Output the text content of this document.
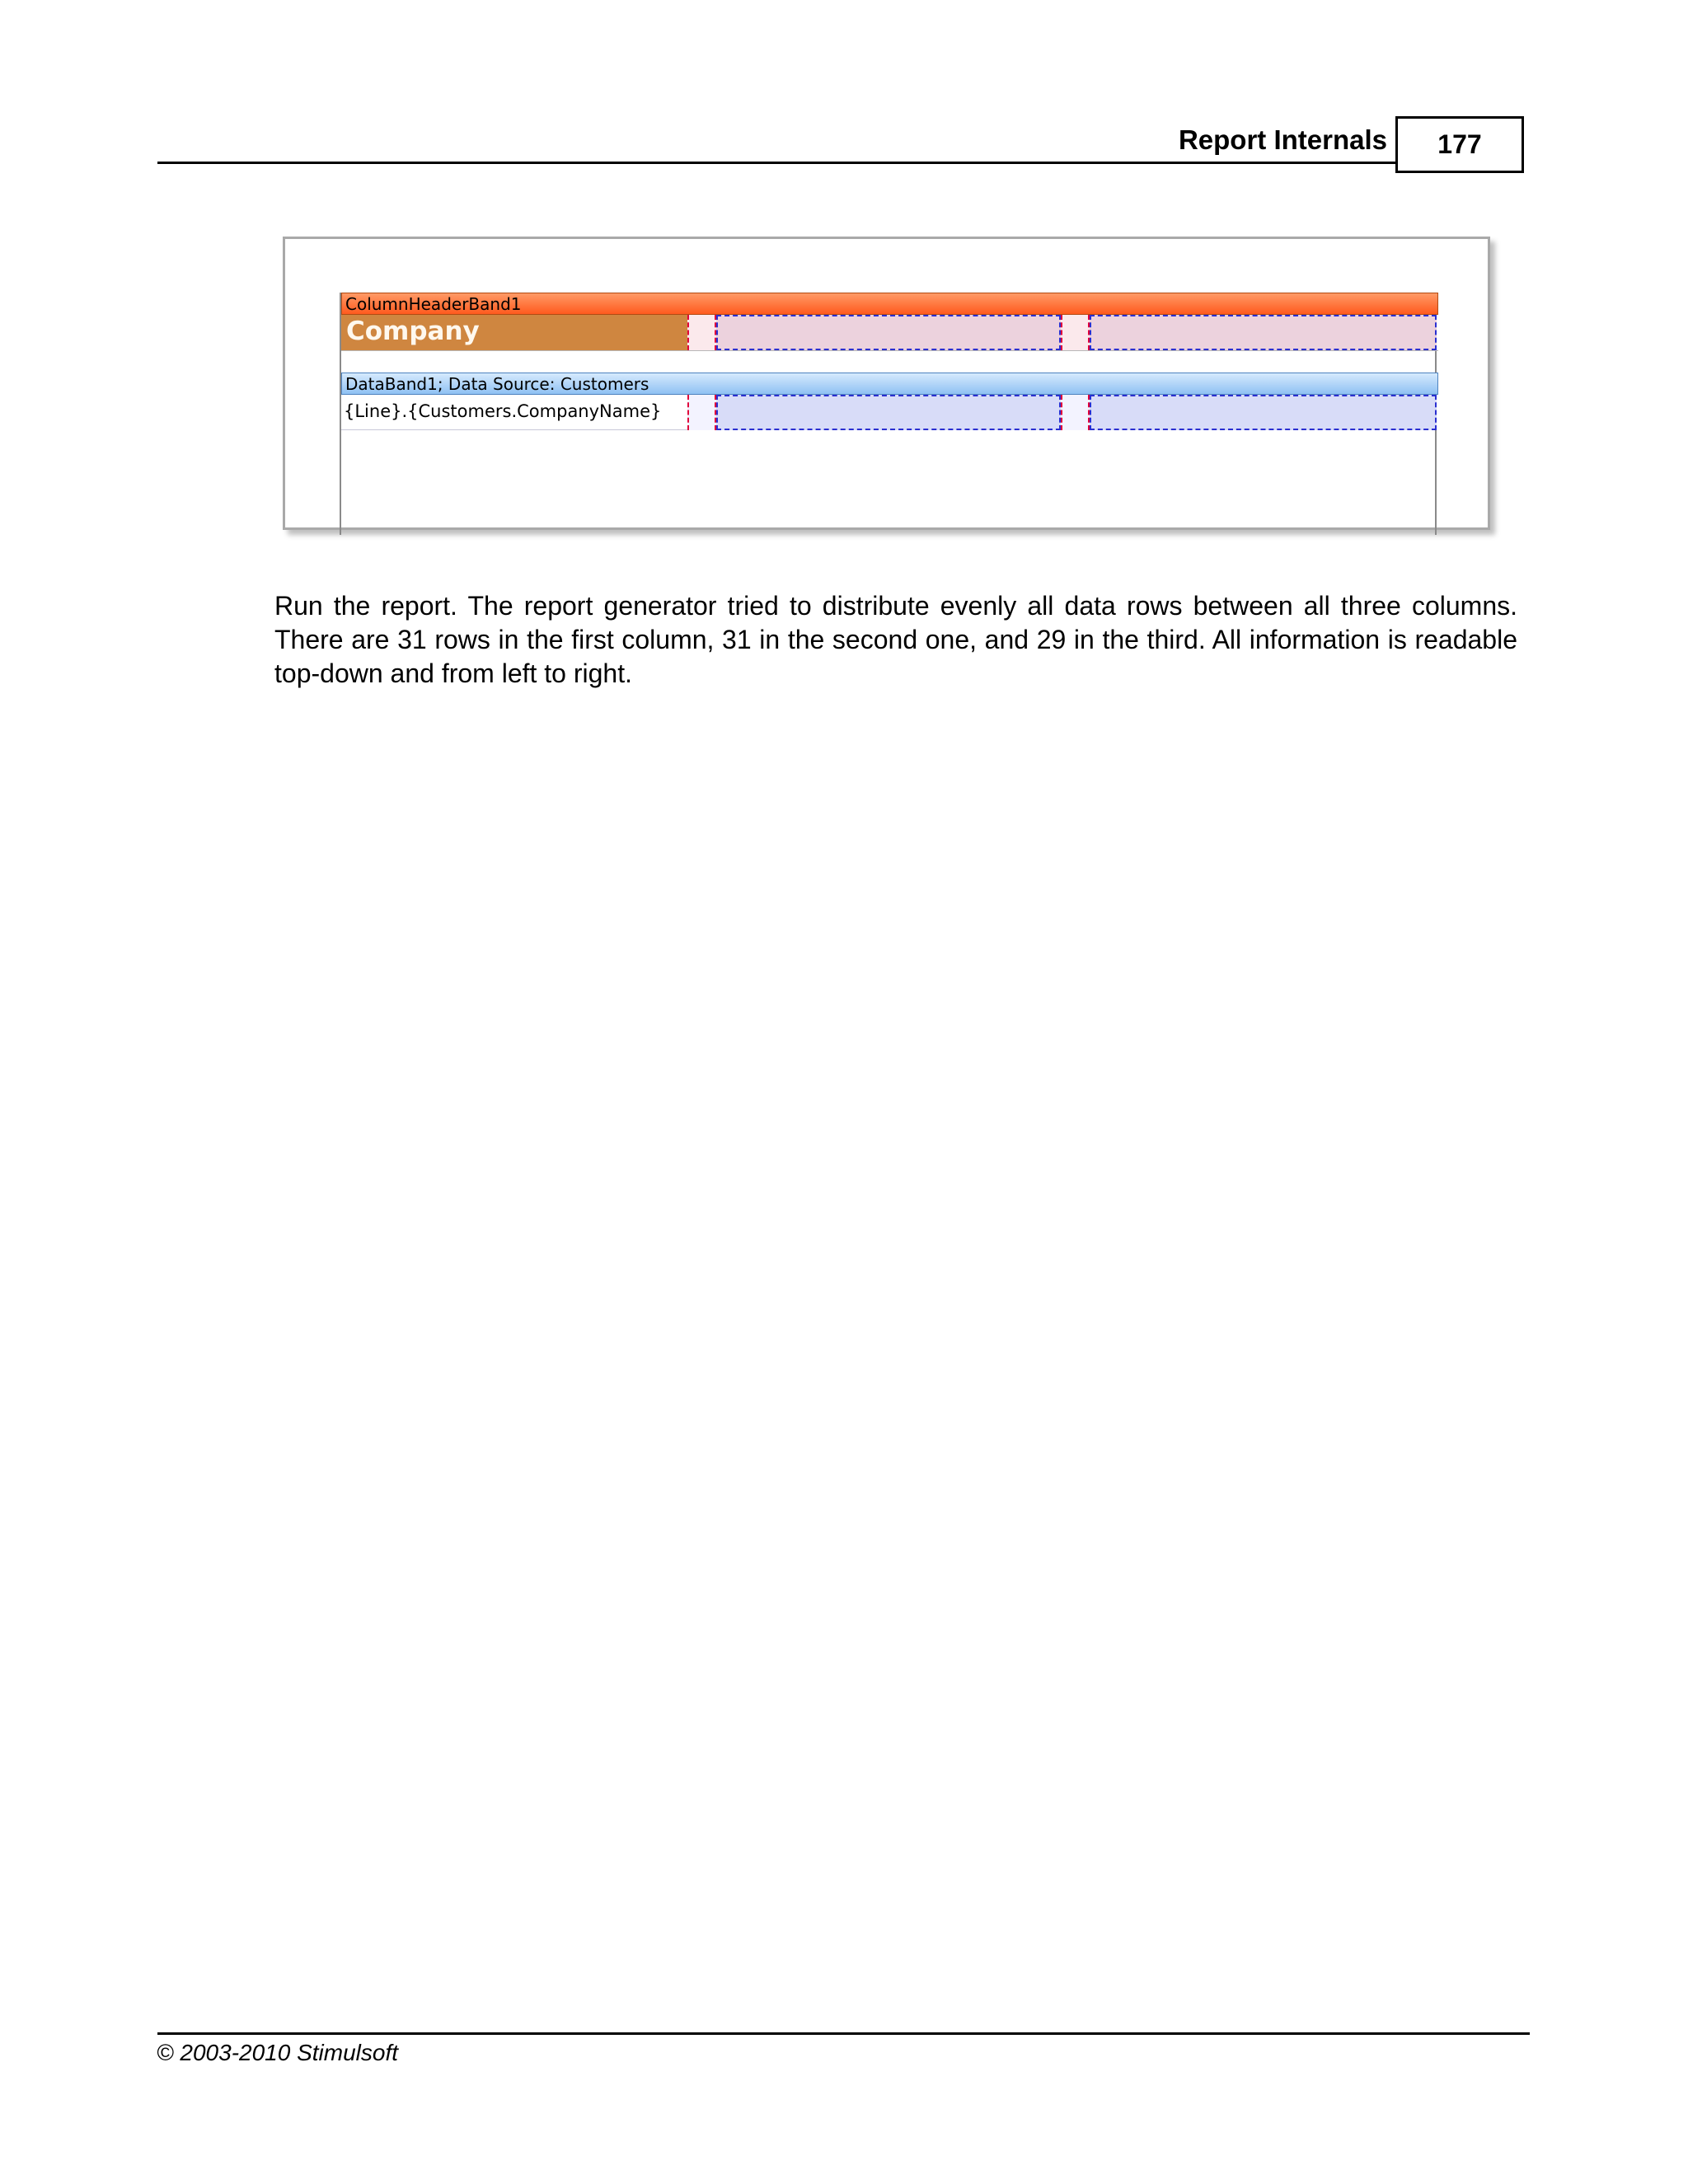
Report Internals	177
ColumnHeaderBand1
Company
DataBand1; Data Source: Customers
{Line}.{Customers.CompanyName}

Run the report. The report generator tried to distribute evenly all data rows between all three columns. There are 31 rows in the first column, 31 in the second one, and 29 in the third. All information is readable top-down and from left to right.

© 2003-2010 Stimulsoft
